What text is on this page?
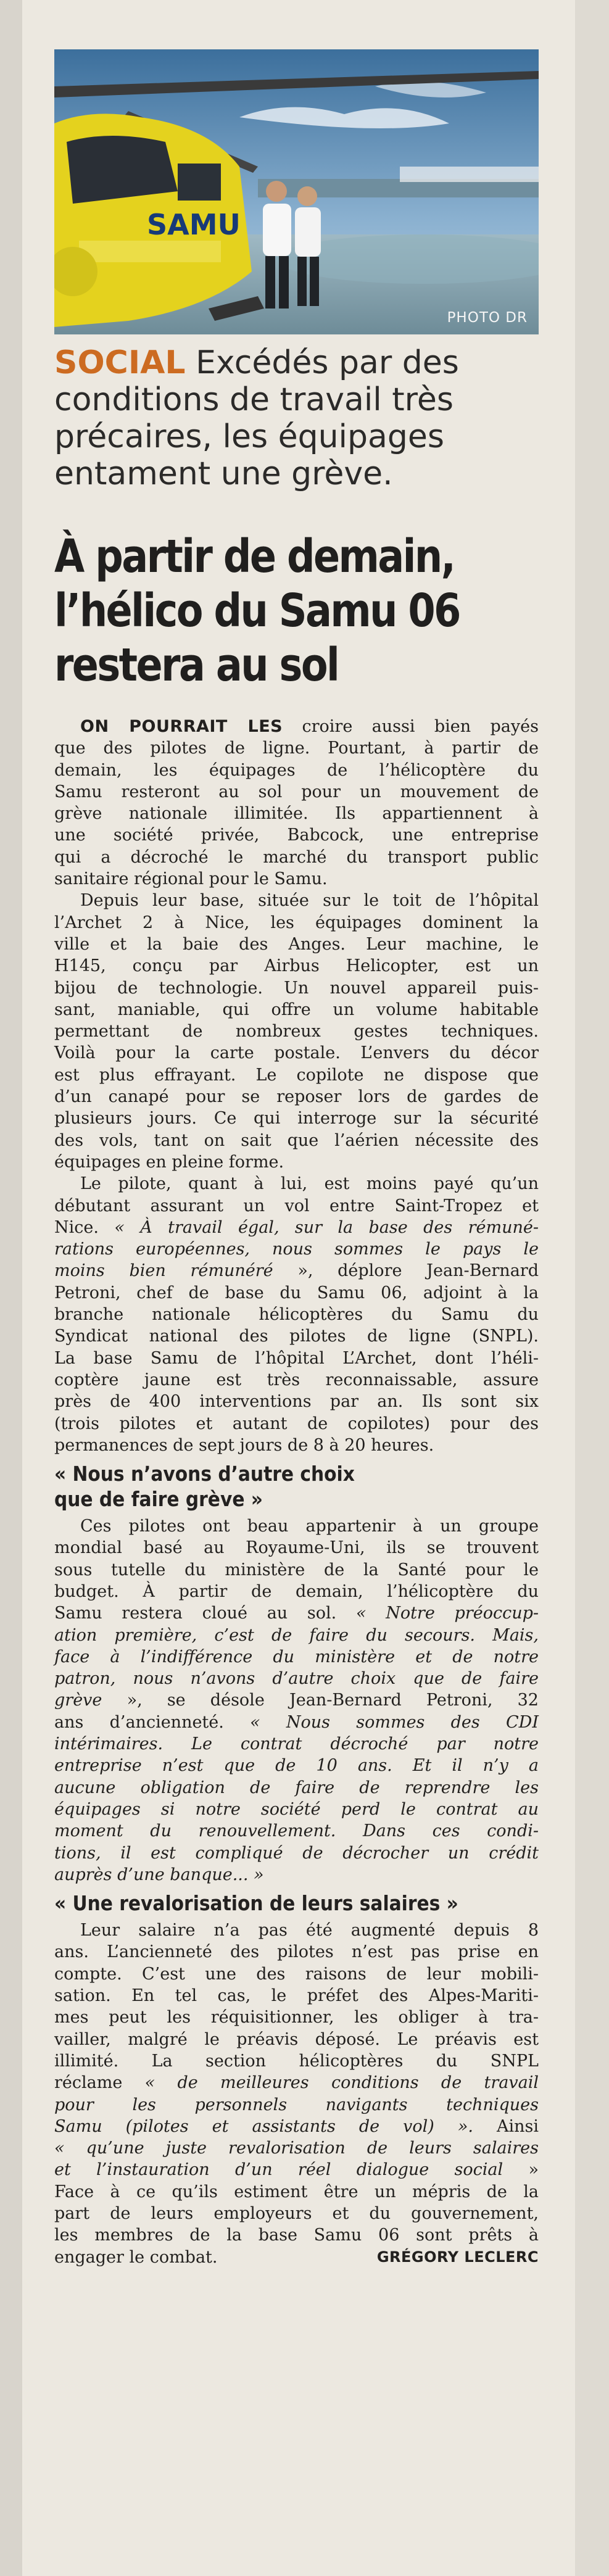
SAMU
PHOTO DR
SOCIAL Excédés par des
conditions de travail très
précaires, les équipages
entament une grève.
À partir de demain,
l’hélico du Samu 06
restera au sol
ON POURRAIT LES croire aussi bien payés
que des pilotes de ligne. Pourtant, à partir de
demain, les équipages de l’hélicoptère du
Samu resteront au sol pour un mouvement de
grève nationale illimitée. Ils appartiennent à
une société privée, Babcock, une entreprise
qui a décroché le marché du transport public
sanitaire régional pour le Samu.
Depuis leur base, située sur le toit de l’hôpital
l’Archet 2 à Nice, les équipages dominent la
ville et la baie des Anges. Leur machine, le
H145, conçu par Airbus Helicopter, est un
bijou de technologie. Un nouvel appareil puis-
sant, maniable, qui offre un volume habitable
permettant de nombreux gestes techniques.
Voilà pour la carte postale. L’envers du décor
est plus effrayant. Le copilote ne dispose que
d’un canapé pour se reposer lors de gardes de
plusieurs jours. Ce qui interroge sur la sécurité
des vols, tant on sait que l’aérien nécessite des
équipages en pleine forme.
Le pilote, quant à lui, est moins payé qu’un
débutant assurant un vol entre Saint-Tropez et
Nice. « À travail égal, sur la base des rémuné-
rations européennes, nous sommes le pays le
moins bien rémunéré », déplore Jean-Bernard
Petroni, chef de base du Samu 06, adjoint à la
branche nationale hélicoptères du Samu du
Syndicat national des pilotes de ligne (SNPL).
La base Samu de l’hôpital L’Archet, dont l’héli-
coptère jaune est très reconnaissable, assure
près de 400 interventions par an. Ils sont six
(trois pilotes et autant de copilotes) pour des
permanences de sept jours de 8 à 20 heures.
« Nous n’avons d’autre choix que de faire grève »
Ces pilotes ont beau appartenir à un groupe
mondial basé au Royaume-Uni, ils se trouvent
sous tutelle du ministère de la Santé pour le
budget. À partir de demain, l’hélicoptère du
Samu restera cloué au sol. « Notre préoccup-
ation première, c’est de faire du secours. Mais,
face à l’indifférence du ministère et de notre
patron, nous n’avons d’autre choix que de faire
grève », se désole Jean-Bernard Petroni, 32
ans d’ancienneté. « Nous sommes des CDI
intérimaires. Le contrat décroché par notre
entreprise n’est que de 10 ans. Et il n’y a
aucune obligation de faire de reprendre les
équipages si notre société perd le contrat au
moment du renouvellement. Dans ces condi-
tions, il est compliqué de décrocher un crédit
auprès d’une banque... »
« Une revalorisation de leurs salaires »
Leur salaire n’a pas été augmenté depuis 8
ans. L’ancienneté des pilotes n’est pas prise en
compte. C’est une des raisons de leur mobili-
sation. En tel cas, le préfet des Alpes-Mariti-
mes peut les réquisitionner, les obliger à tra-
vailler, malgré le préavis déposé. Le préavis est
illimité. La section hélicoptères du SNPL
réclame « de meilleures conditions de travail
pour les personnels navigants techniques
Samu (pilotes et assistants de vol) ». Ainsi
« qu’une juste revalorisation de leurs salaires
et l’instauration d’un réel dialogue social »
Face à ce qu’ils estiment être un mépris de la
part de leurs employeurs et du gouvernement,
les membres de la base Samu 06 sont prêts à
engager le combat.	GRÉGORY LECLERC
